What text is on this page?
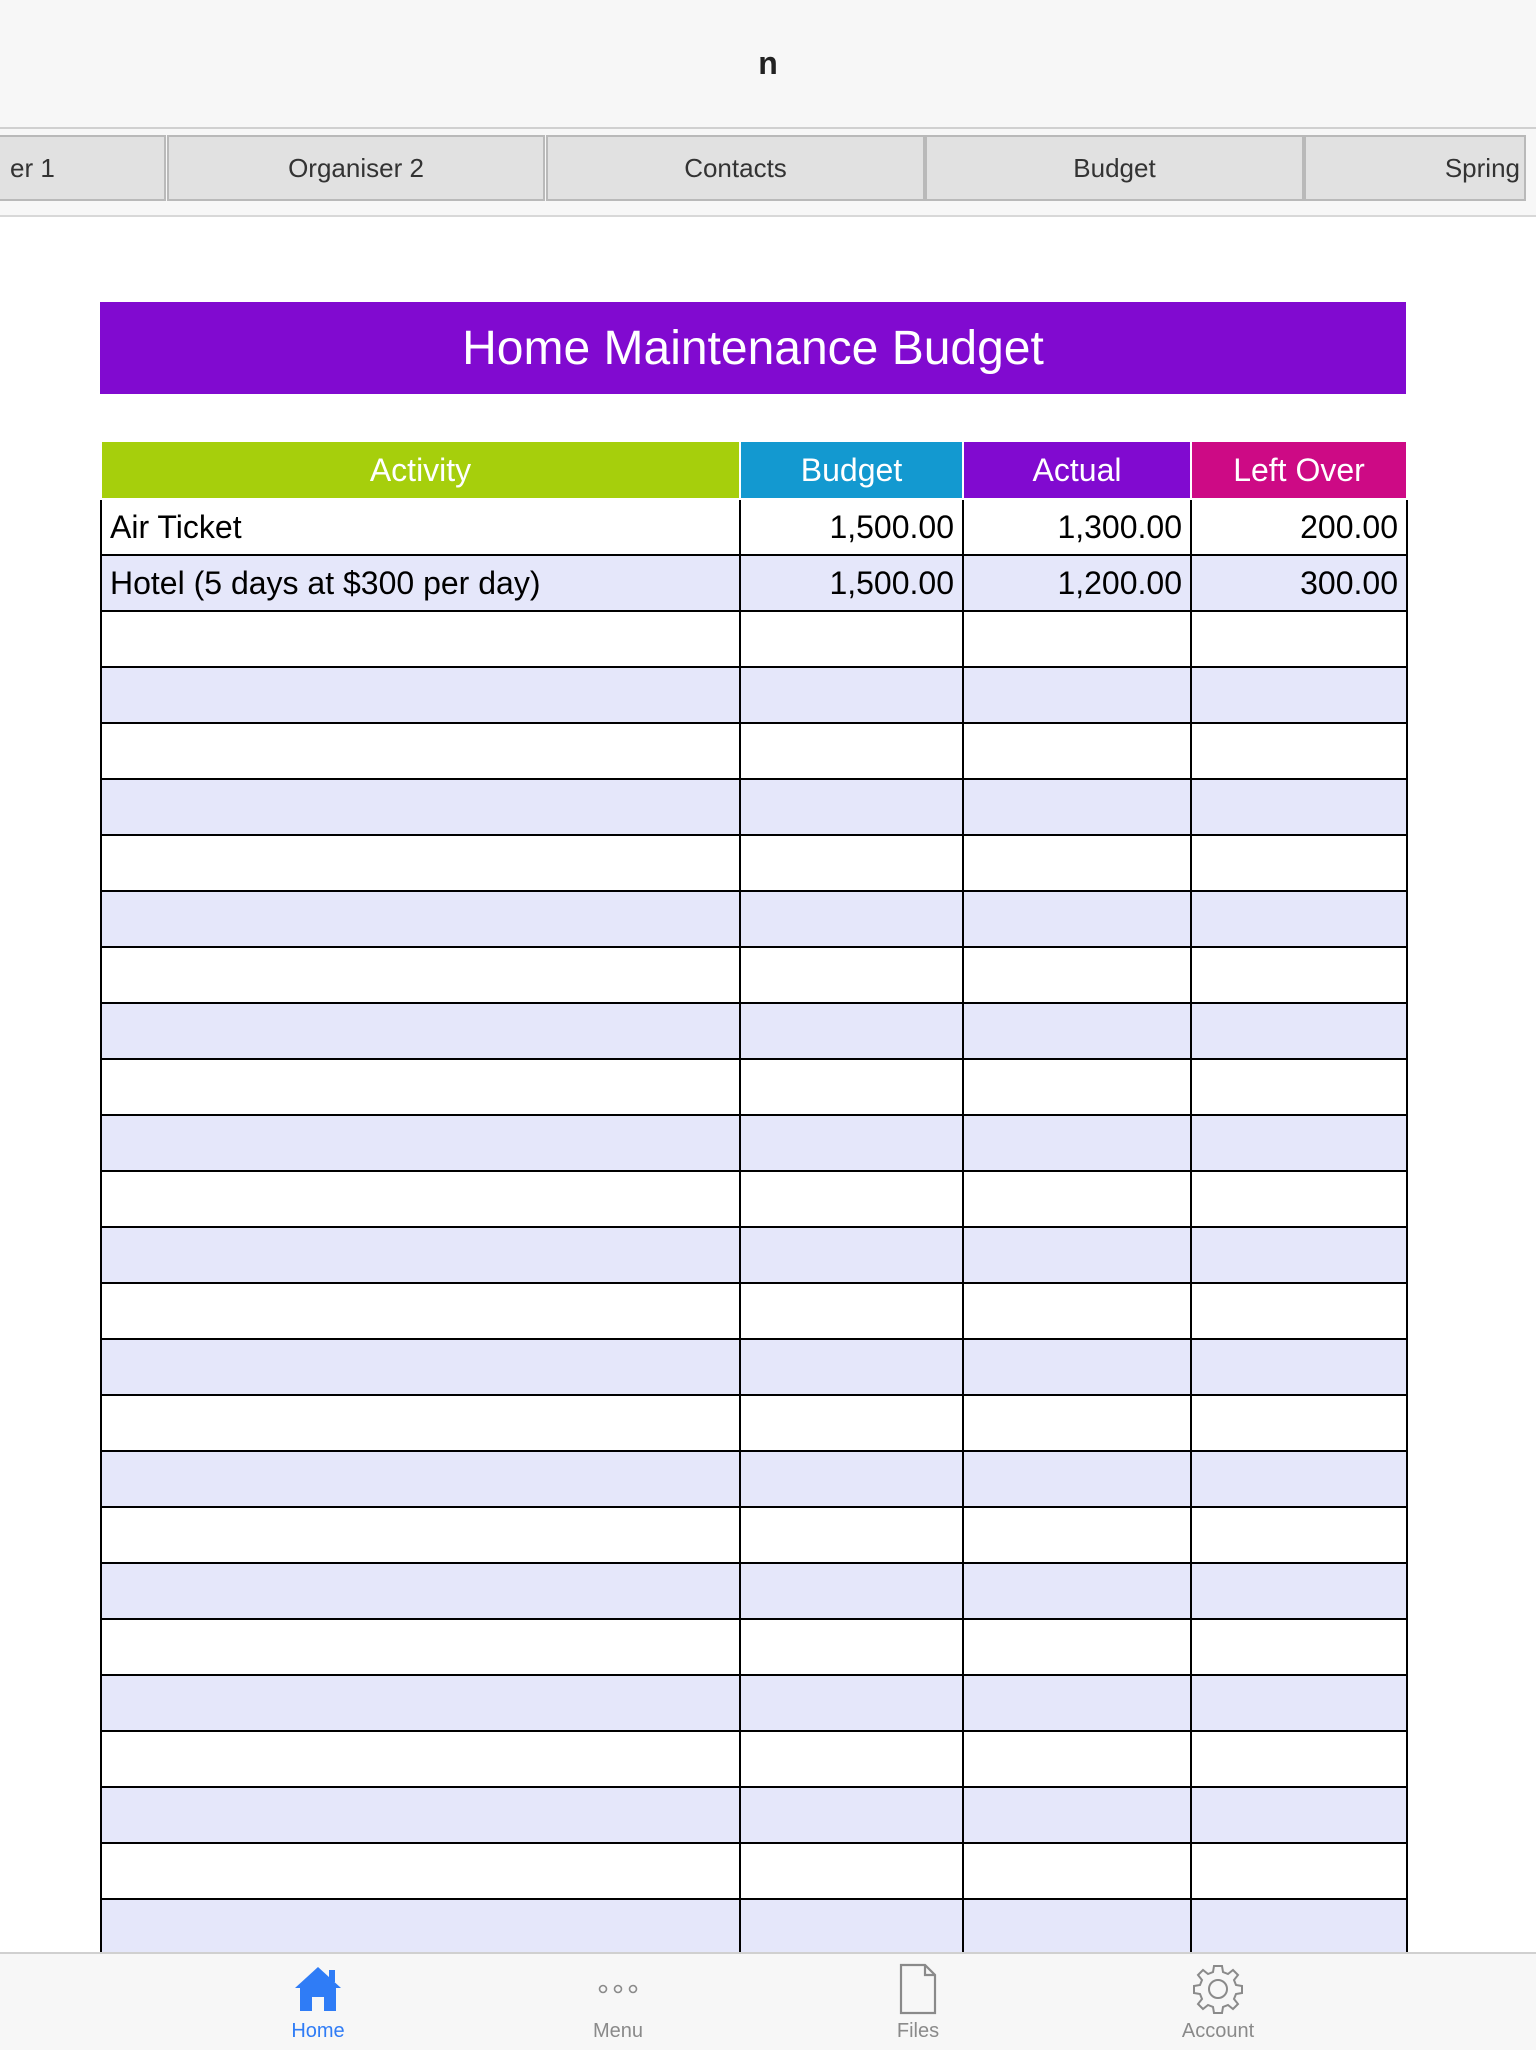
n
er 1	Organiser 2	Contacts	Budget	Spring
Home Maintenance Budget
Activity	Budget	Actual	Left Over
Air Ticket	1,500.00	1,300.00	200.00
Hotel (5 days at $300 per day)	1,500.00	1,200.00	300.00

Home	Menu	Files	Account
